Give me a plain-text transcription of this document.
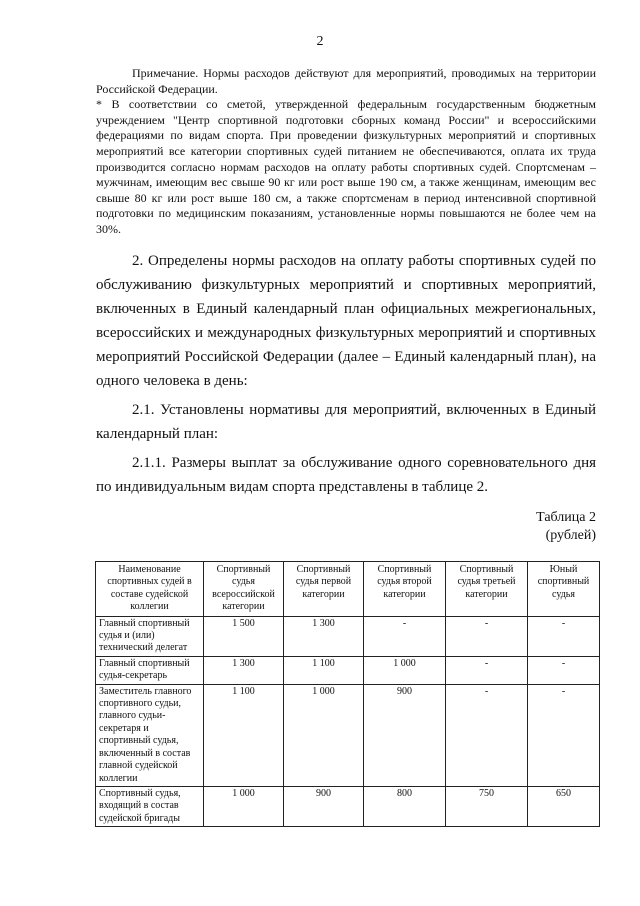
2

Примечание. Нормы расходов действуют для мероприятий, проводимых на территории Российской Федерации.

* В соответствии со сметой, утвержденной федеральным государственным бюджетным учреждением "Центр спортивной подготовки сборных команд России" и всероссийскими федерациями по видам спорта. При проведении физкультурных мероприятий и спортивных мероприятий все категории спортивных судей питанием не обеспечиваются, оплата их труда производится согласно нормам расходов на оплату работы спортивных судей. Спортсменам – мужчинам, имеющим вес свыше 90 кг или рост выше 190 см, а также женщинам, имеющим вес свыше 80 кг или рост выше 180 см, а также спортсменам в период интенсивной спортивной подготовки по медицинским показаниям, установленные нормы повышаются не более чем на 30%.

2. Определены нормы расходов на оплату работы спортивных судей по обслуживанию физкультурных мероприятий и спортивных мероприятий, включенных в Единый календарный план официальных межрегиональных, всероссийских и международных физкультурных мероприятий и спортивных мероприятий Российской Федерации (далее – Единый календарный план), на одного человека в день:

2.1. Установлены нормативы для мероприятий, включенных в Единый календарный план:

2.1.1. Размеры выплат за обслуживание одного соревновательного дня по индивидуальным видам спорта представлены в таблице 2.

Таблица 2
(рублей)
Наименование спортивных судей в составе судейской коллегии	Спортивный судья всероссийской категории	Спортивный судья первой категории	Спортивный судья второй категории	Спортивный судья третьей категории	Юный спортивный судья
Главный спортивный судья и (или) технический делегат	1 500	1 300	-	-	-
Главный спортивный судья-секретарь	1 300	1 100	1 000	-	-
Заместитель главного спортивного судьи, главного судьи-секретаря и спортивный судья, включенный в состав главной судейской коллегии	1 100	1 000	900	-	-
Спортивный судья, входящий в состав судейской бригады	1 000	900	800	750	650
